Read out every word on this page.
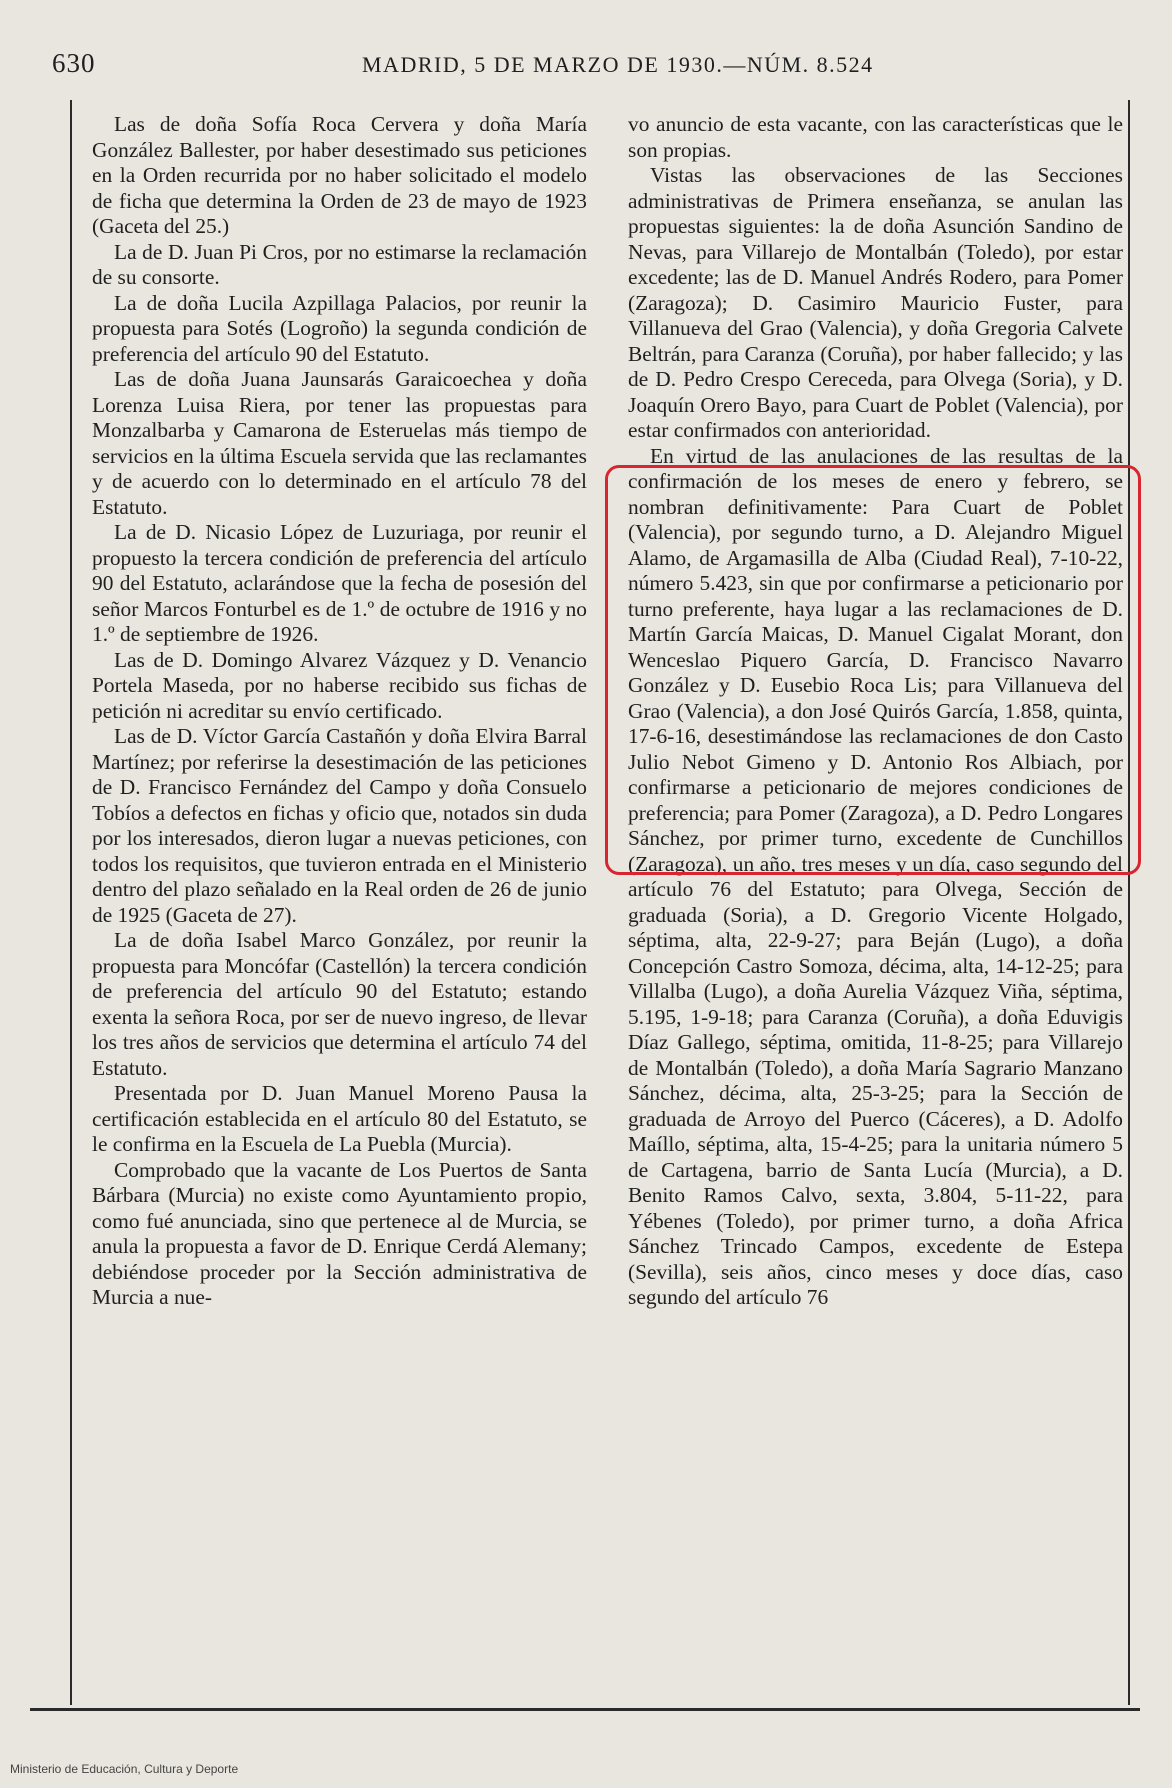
630	MADRID, 5 DE MARZO DE 1930.—NÚM. 8.524

Las de doña Sofía Roca Cervera y doña María González Ballester, por haber desestimado sus peticiones en la Orden recurrida por no haber solicitado el modelo de ficha que determina la Orden de 23 de mayo de 1923 (Gaceta del 25.)

La de D. Juan Pi Cros, por no estimarse la reclamación de su consorte.

La de doña Lucila Azpillaga Palacios, por reunir la propuesta para Sotés (Logroño) la segunda condición de preferencia del artículo 90 del Estatuto.

Las de doña Juana Jaunsarás Garaicoechea y doña Lorenza Luisa Riera, por tener las propuestas para Monzalbarba y Camarona de Esteruelas más tiempo de servicios en la última Escuela servida que las reclamantes y de acuerdo con lo determinado en el artículo 78 del Estatuto.

La de D. Nicasio López de Luzuriaga, por reunir el propuesto la tercera condición de preferencia del artículo 90 del Estatuto, aclarándose que la fecha de posesión del señor Marcos Fonturbel es de 1.º de octubre de 1916 y no 1.º de septiembre de 1926.

Las de D. Domingo Alvarez Vázquez y D. Venancio Portela Maseda, por no haberse recibido sus fichas de petición ni acreditar su envío certificado.

Las de D. Víctor García Castañón y doña Elvira Barral Martínez; por referirse la desestimación de las peticiones de D. Francisco Fernández del Campo y doña Consuelo Tobíos a defectos en fichas y oficio que, notados sin duda por los interesados, dieron lugar a nuevas peticiones, con todos los requisitos, que tuvieron entrada en el Ministerio dentro del plazo señalado en la Real orden de 26 de junio de 1925 (Gaceta de 27).

La de doña Isabel Marco González, por reunir la propuesta para Moncófar (Castellón) la tercera condición de preferencia del artículo 90 del Estatuto; estando exenta la señora Roca, por ser de nuevo ingreso, de llevar los tres años de servicios que determina el artículo 74 del Estatuto.

Presentada por D. Juan Manuel Moreno Pausa la certificación establecida en el artículo 80 del Estatuto, se le confirma en la Escuela de La Puebla (Murcia).

Comprobado que la vacante de Los Puertos de Santa Bárbara (Murcia) no existe como Ayuntamiento propio, como fué anunciada, sino que pertenece al de Murcia, se anula la propuesta a favor de D. Enrique Cerdá Alemany; debiéndose proceder por la Sección administrativa de Murcia a nue-

vo anuncio de esta vacante, con las características que le son propias.

Vistas las observaciones de las Secciones administrativas de Primera enseñanza, se anulan las propuestas siguientes: la de doña Asunción Sandino de Nevas, para Villarejo de Montalbán (Toledo), por estar excedente; las de D. Manuel Andrés Rodero, para Pomer (Zaragoza); D. Casimiro Mauricio Fuster, para Villanueva del Grao (Valencia), y doña Gregoria Calvete Beltrán, para Caranza (Coruña), por haber fallecido; y las de D. Pedro Crespo Cereceda, para Olvega (Soria), y D. Joaquín Orero Bayo, para Cuart de Poblet (Valencia), por estar confirmados con anterioridad.

En virtud de las anulaciones de las resultas de la confirmación de los meses de enero y febrero, se nombran definitivamente: Para Cuart de Poblet (Valencia), por segundo turno, a D. Alejandro Miguel Alamo, de Argamasilla de Alba (Ciudad Real), 7-10-22, número 5.423, sin que por confirmarse a peticionario por turno preferente, haya lugar a las reclamaciones de D. Martín García Maicas, D. Manuel Cigalat Morant, don Wenceslao Piquero García, D. Francisco Navarro González y D. Eusebio Roca Lis; para Villanueva del Grao (Valencia), a don José Quirós García, 1.858, quinta, 17-6-16, desestimándose las reclamaciones de don Casto Julio Nebot Gimeno y D. Antonio Ros Albiach, por confirmarse a peticionario de mejores condiciones de preferencia; para Pomer (Zaragoza), a D. Pedro Longares Sánchez, por primer turno, excedente de Cunchillos (Zaragoza), un año, tres meses y un día, caso segundo del artículo 76 del Estatuto; para Olvega, Sección de graduada (Soria), a D. Gregorio Vicente Holgado, séptima, alta, 22-9-27; para Beján (Lugo), a doña Concepción Castro Somoza, décima, alta, 14-12-25; para Villalba (Lugo), a doña Aurelia Vázquez Viña, séptima, 5.195, 1-9-18; para Caranza (Coruña), a doña Eduvigis Díaz Gallego, séptima, omitida, 11-8-25; para Villarejo de Montalbán (Toledo), a doña María Sagrario Manzano Sánchez, décima, alta, 25-3-25; para la Sección de graduada de Arroyo del Puerco (Cáceres), a D. Adolfo Maíllo, séptima, alta, 15-4-25; para la unitaria número 5 de Cartagena, barrio de Santa Lucía (Murcia), a D. Benito Ramos Calvo, sexta, 3.804, 5-11-22, para Yébenes (Toledo), por primer turno, a doña Africa Sánchez Trincado Campos, excedente de Estepa (Sevilla), seis años, cinco meses y doce días, caso segundo del artículo 76

Ministerio de Educación, Cultura y Deporte
